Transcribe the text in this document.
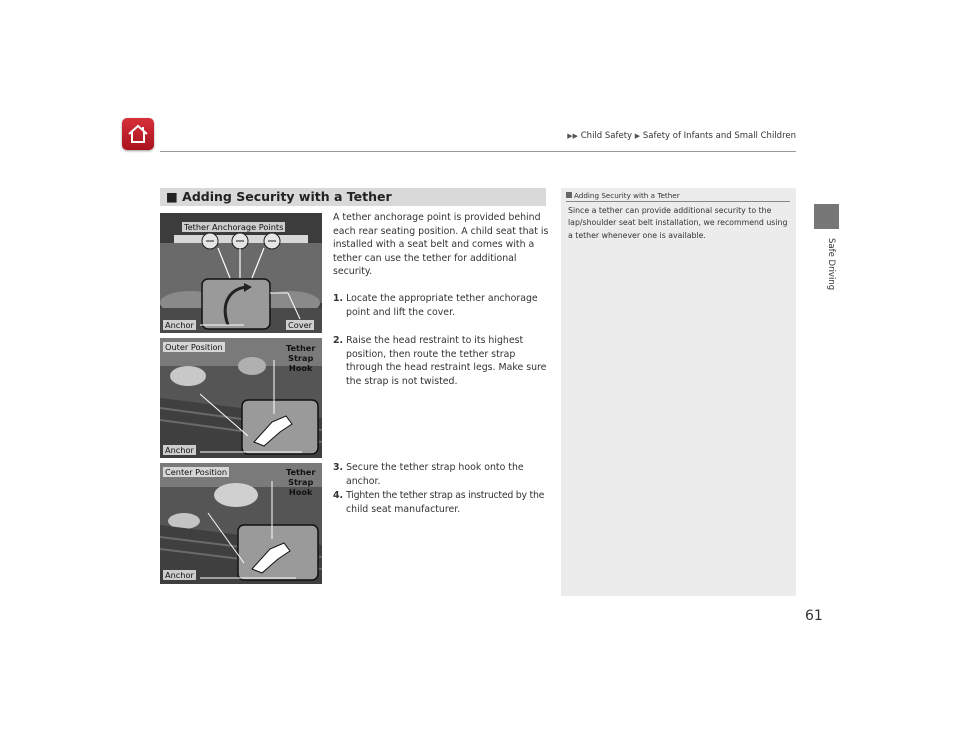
▶▶ Child Safety ▶ Safety of Infants and Small Children
Safe Driving
■ Adding Security with a Tether
Tether Anchorage Points
Anchor	Cover
Outer Position	Tether
Strap
Hook
Anchor
Center Position	Tether
Strap
Hook
Anchor
A tether anchorage point is provided behind each rear seating position. A child seat that is installed with a seat belt and comes with a tether can use the tether for additional security.
1. Locate the appropriate tether anchorage
point and lift the cover.
2. Raise the head restraint to its highest
position, then route the tether strap through the head restraint legs. Make sure the strap is not twisted.
3. Secure the tether strap hook onto the
anchor.
4. Tighten the tether strap as instructed by the
child seat manufacturer.
Adding Security with a Tether
Since a tether can provide additional security to the lap/shoulder seat belt installation, we recommend using a tether whenever one is available.
61
